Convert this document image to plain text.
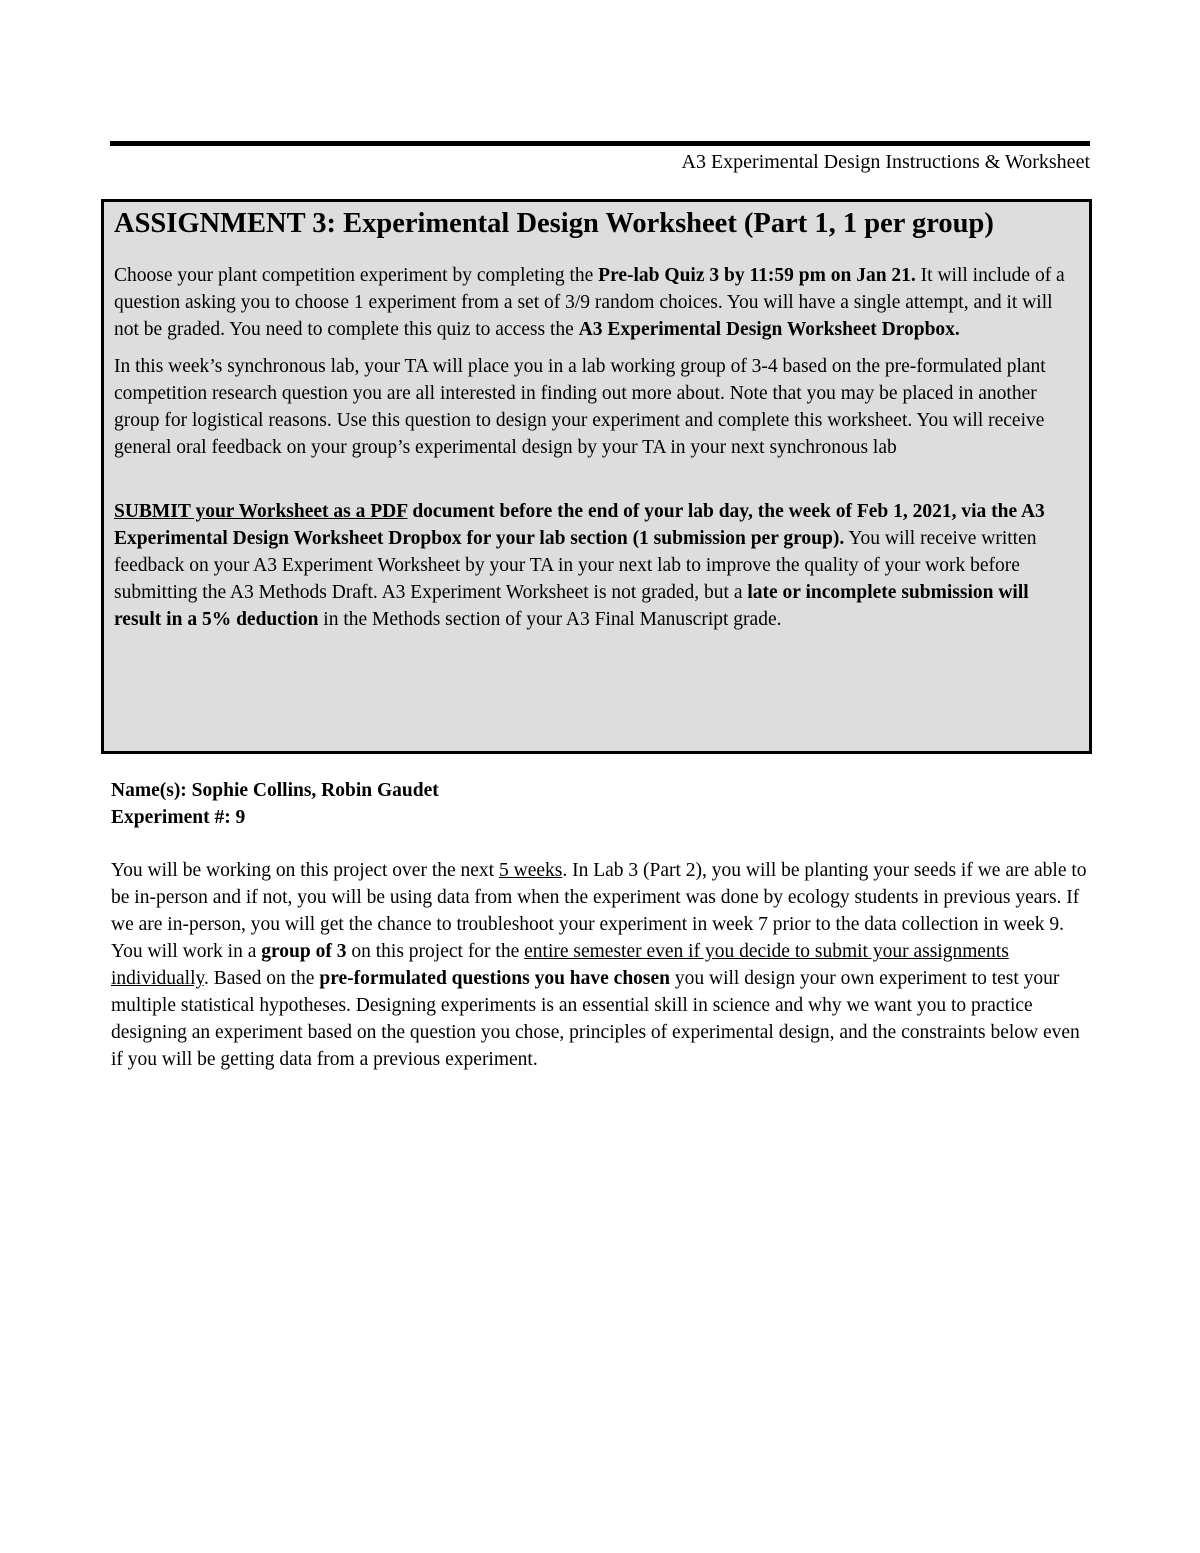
A3 Experimental Design Instructions & Worksheet
ASSIGNMENT 3: Experimental Design Worksheet (Part 1, 1 per group)

Choose your plant competition experiment by completing the Pre-lab Quiz 3 by 11:59 pm on Jan 21. It will include of a question asking you to choose 1 experiment from a set of 3/9 random choices. You will have a single attempt, and it will not be graded. You need to complete this quiz to access the A3 Experimental Design Worksheet Dropbox.

In this week’s synchronous lab, your TA will place you in a lab working group of 3-4 based on the pre-formulated plant competition research question you are all interested in finding out more about. Note that you may be placed in another group for logistical reasons. Use this question to design your experiment and complete this worksheet. You will receive general oral feedback on your group’s experimental design by your TA in your next synchronous lab

SUBMIT your Worksheet as a PDF document before the end of your lab day, the week of Feb 1, 2021, via the A3 Experimental Design Worksheet Dropbox for your lab section (1 submission per group). You will receive written feedback on your A3 Experiment Worksheet by your TA in your next lab to improve the quality of your work before submitting the A3 Methods Draft. A3 Experiment Worksheet is not graded, but a late or incomplete submission will result in a 5% deduction in the Methods section of your A3 Final Manuscript grade.

Name(s): Sophie Collins, Robin Gaudet
Experiment #: 9

You will be working on this project over the next 5 weeks. In Lab 3 (Part 2), you will be planting your seeds if we are able to be in-person and if not, you will be using data from when the experiment was done by ecology students in previous years. If we are in-person, you will get the chance to troubleshoot your experiment in week 7 prior to the data collection in week 9. You will work in a group of 3 on this project for the entire semester even if you decide to submit your assignments individually. Based on the pre-formulated questions you have chosen you will design your own experiment to test your multiple statistical hypotheses. Designing experiments is an essential skill in science and why we want you to practice designing an experiment based on the question you chose, principles of experimental design, and the constraints below even if you will be getting data from a previous experiment.
